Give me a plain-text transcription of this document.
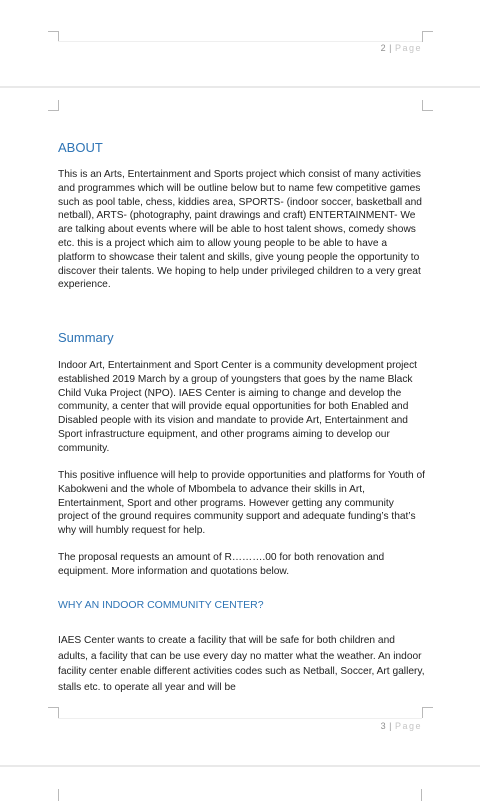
2 | Page
ABOUT
This is an Arts, Entertainment and Sports project which consist of many activities and programmes which will be outline below but to name few competitive games such as pool table, chess, kiddies area, SPORTS- (indoor soccer, basketball and netball), ARTS- (photography, paint drawings and craft) ENTERTAINMENT- We are talking about events where will be able to host talent shows, comedy shows etc. this is a project which aim to allow young people to be able to have a platform to showcase their talent and skills, give young people the opportunity to discover their talents. We hoping to help under privileged children to a very great experience.
Summary
Indoor Art, Entertainment and Sport Center is a community development project established 2019 March by a group of youngsters that goes by the name Black Child Vuka Project (NPO). IAES Center is aiming to change and develop the community, a center that will provide equal opportunities for both Enabled and Disabled people with its vision and mandate to provide Art, Entertainment and Sport infrastructure equipment, and other programs aiming to develop our community.
This positive influence will help to provide opportunities and platforms for Youth of Kabokweni and the whole of Mbombela to advance their skills in Art, Entertainment, Sport and other programs. However getting any community project of the ground requires community support and adequate funding’s that’s why will humbly request for help.
The proposal requests an amount of R……….00 for both renovation and equipment. More information and quotations below.
WHY AN INDOOR COMMUNITY CENTER?
IAES Center wants to create a facility that will be safe for both children and adults, a facility that can be use every day no matter what the weather. An indoor facility center enable different activities codes such as Netball, Soccer, Art gallery, stalls etc. to operate all year and will be
3 | Page
